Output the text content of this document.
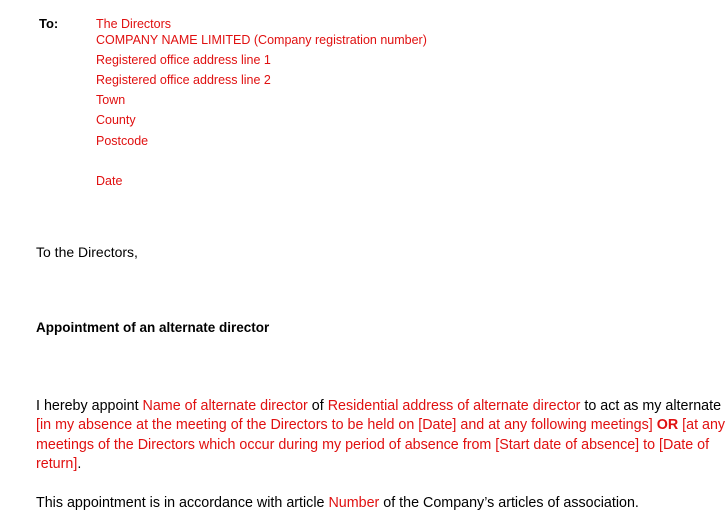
To:	The Directors
COMPANY NAME LIMITED (Company registration number)
Registered office address line 1
Registered office address line 2
Town
County
Postcode
Date
To the Directors,
Appointment of an alternate director
I hereby appoint Name of alternate director of Residential address of alternate director to act as my alternate [in my absence at the meeting of the Directors to be held on [Date] and at any following meetings] OR [at any meetings of the Directors which occur during my period of absence from [Start date of absence] to [Date of return].
This appointment is in accordance with article Number of the Company’s articles of association.
